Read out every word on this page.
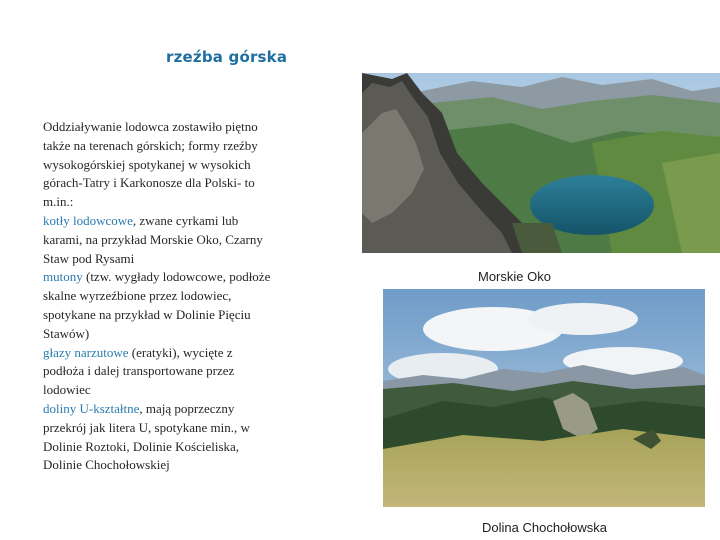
rzeźba górska

Oddziaływanie lodowca zostawiło piętno także na terenach górskich; formy rzeźby wysokogórskiej spotykanej w wysokich górach-Tatry i Karkonosze dla Polski- to m.in.:

kotły lodowcowe, zwane cyrkami lub karami, na przykład Morskie Oko, Czarny Staw pod Rysami

mutony (tzw. wygłady lodowcowe, podłoże skalne wyrzeźbione przez lodowiec, spotykane na przykład w Dolinie Pięciu Stawów)

głazy narzutowe (eratyki), wycięte z podłoża i dalej transportowane przez lodowiec

doliny U-kształtne, mają poprzeczny przekrój jak litera U, spotykane min., w Dolinie Roztoki, Dolinie Kościeliska, Dolinie Chochołowskiej

Morskie Oko
Dolina Chochołowska
